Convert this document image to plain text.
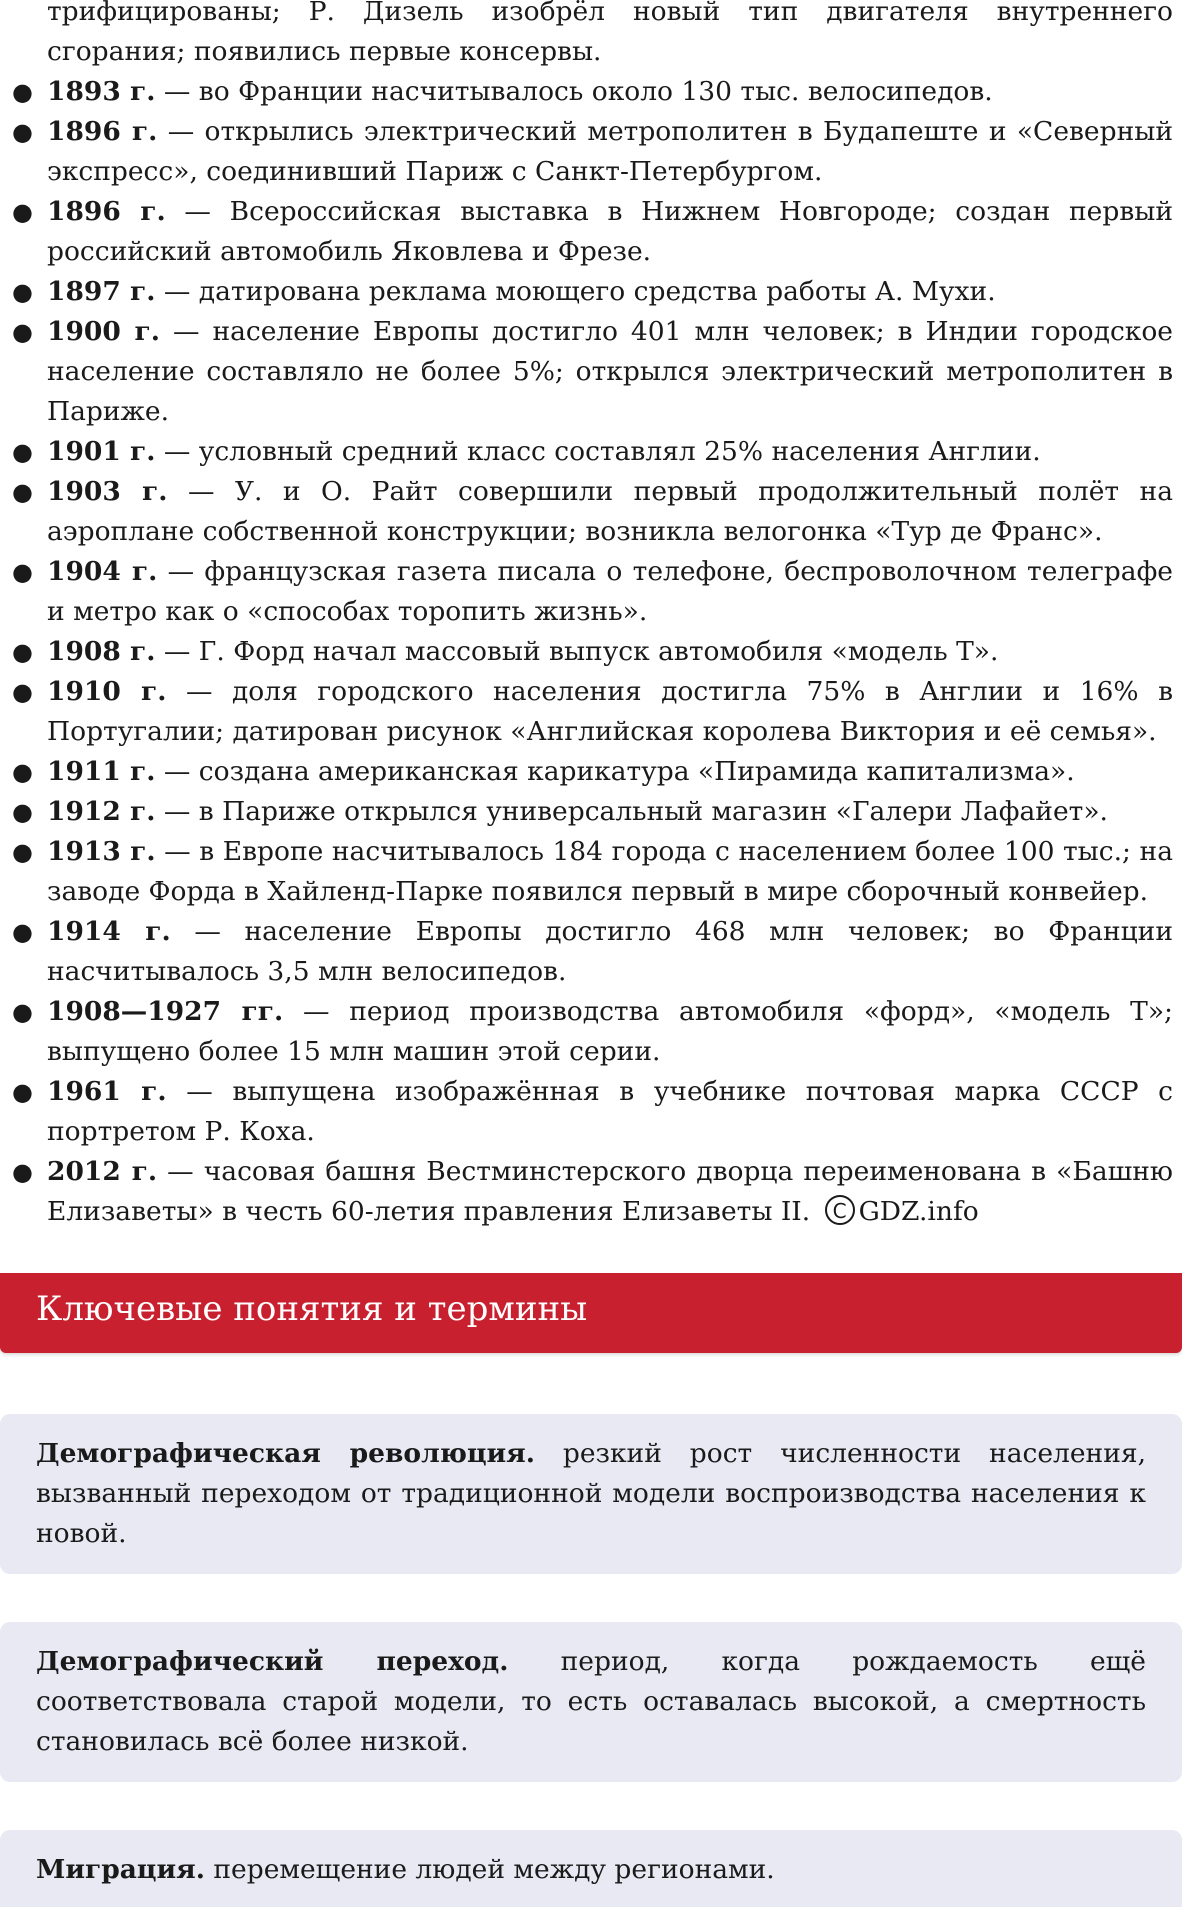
трифицированы; Р. Дизель изобрёл новый тип двигателя внутреннего сгорания; появились первые консервы.
● 1893 г. — во Франции насчитывалось около 130 тыс. велосипедов.
● 1896 г. — открылись электрический метрополитен в Будапеште и «Северный экспресс», соединивший Париж с Санкт-Петербургом.
● 1896 г. — Всероссийская выставка в Нижнем Новгороде; создан первый российский автомобиль Яковлева и Фрезе.
● 1897 г. — датирована реклама моющего средства работы А. Мухи.
● 1900 г. — население Европы достигло 401 млн человек; в Индии городское население составляло не более 5%; открылся электрический метрополитен в Париже.
● 1901 г. — условный средний класс составлял 25% населения Англии.
● 1903 г. — У. и О. Райт совершили первый продолжительный полёт на аэроплане собственной конструкции; возникла велогонка «Тур де Франс».
● 1904 г. — французская газета писала о телефоне, беспроволочном телеграфе и метро как о «способах торопить жизнь».
● 1908 г. — Г. Форд начал массовый выпуск автомобиля «модель Т».
● 1910 г. — доля городского населения достигла 75% в Англии и 16% в Португалии; датирован рисунок «Английская королева Виктория и её семья».
● 1911 г. — создана американская карикатура «Пирамида капитализма».
● 1912 г. — в Париже открылся универсальный магазин «Галери Лафайет».
● 1913 г. — в Европе насчитывалось 184 города с населением более 100 тыс.; на заводе Форда в Хайленд-Парке появился первый в мире сборочный конвейер.
● 1914 г. — население Европы достигло 468 млн человек; во Франции насчитывалось 3,5 млн велосипедов.
● 1908—1927 гг. — период производства автомобиля «форд», «модель Т»; выпущено более 15 млн машин этой серии.
● 1961 г. — выпущена изображённая в учебнике почтовая марка СССР с портретом Р. Коха.
● 2012 г. — часовая башня Вестминстерского дворца переименована в «Башню Елизаветы» в честь 60-летия правления Елизаветы II. C GDZ.info
Ключевые понятия и термины
Демографическая революция. резкий рост численности населения, вызванный переходом от традиционной модели воспроизводства населения к новой.
Демографический переход. период, когда рождаемость ещё соответствовала старой модели, то есть оставалась высокой, а смертность становилась всё более низкой.
Миграция. перемещение людей между регионами.
